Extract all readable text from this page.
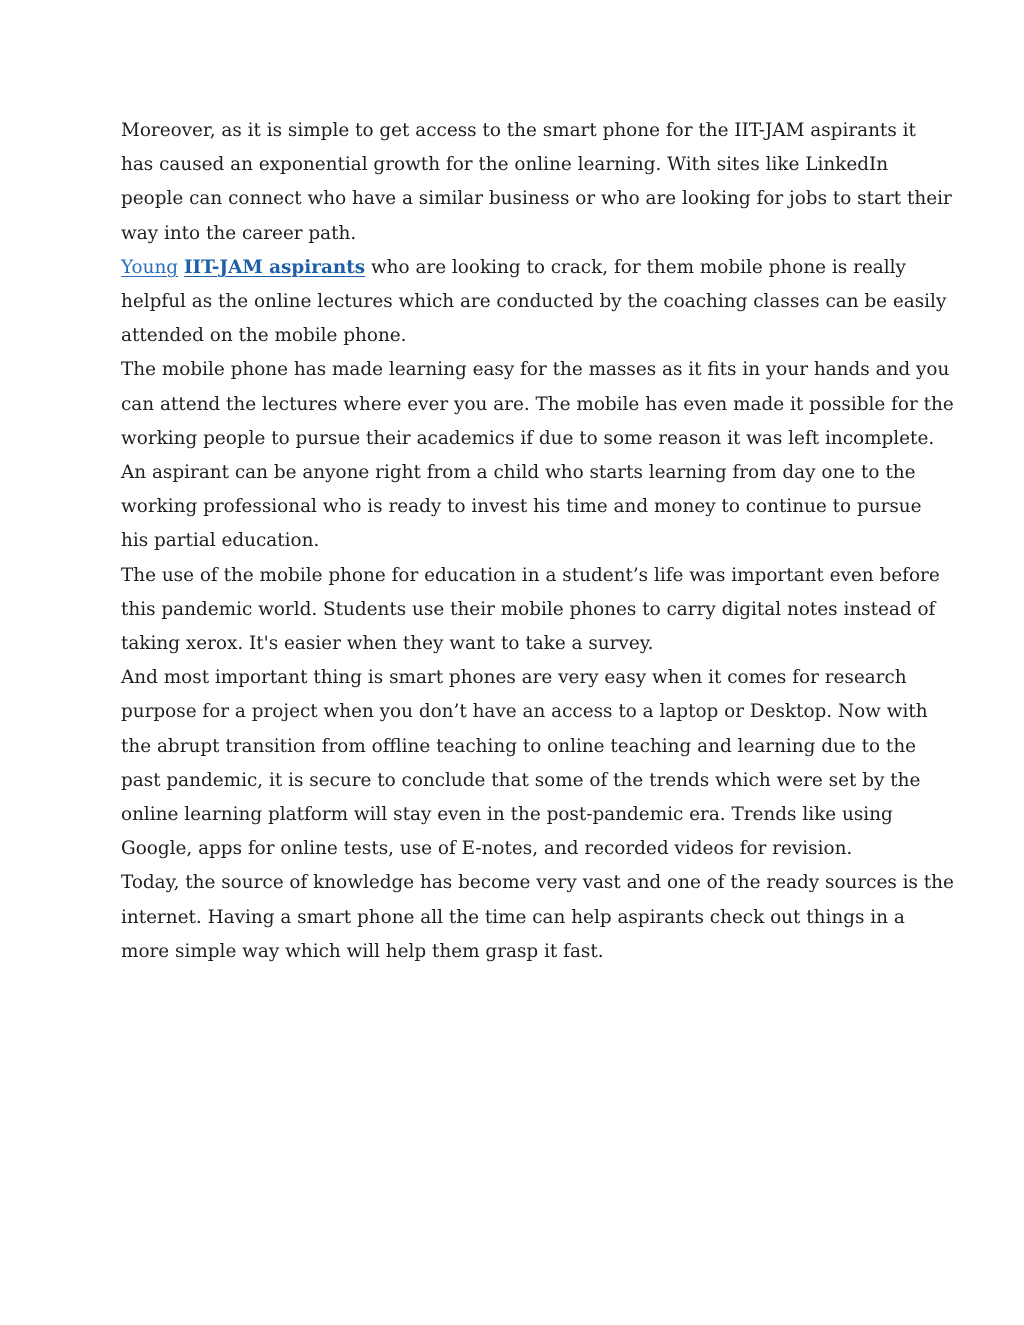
Moreover, as it is simple to get access to the smart phone for the IIT-JAM aspirants it
has caused an exponential growth for the online learning. With sites like LinkedIn
people can connect who have a similar business or who are looking for jobs to start their
way into the career path.

Young IIT-JAM aspirants who are looking to crack, for them mobile phone is really
helpful as the online lectures which are conducted by the coaching classes can be easily
attended on the mobile phone.

The mobile phone has made learning easy for the masses as it fits in your hands and you
can attend the lectures where ever you are. The mobile has even made it possible for the
working people to pursue their academics if due to some reason it was left incomplete.

An aspirant can be anyone right from a child who starts learning from day one to the
working professional who is ready to invest his time and money to continue to pursue
his partial education.

The use of the mobile phone for education in a student’s life was important even before
this pandemic world. Students use their mobile phones to carry digital notes instead of
taking xerox. It's easier when they want to take a survey.

And most important thing is smart phones are very easy when it comes for research
purpose for a project when you don’t have an access to a laptop or Desktop. Now with
the abrupt transition from offline teaching to online teaching and learning due to the
past pandemic, it is secure to conclude that some of the trends which were set by the
online learning platform will stay even in the post-pandemic era. Trends like using
Google, apps for online tests, use of E-notes, and recorded videos for revision.

Today, the source of knowledge has become very vast and one of the ready sources is the
internet. Having a smart phone all the time can help aspirants check out things in a
more simple way which will help them grasp it fast.
